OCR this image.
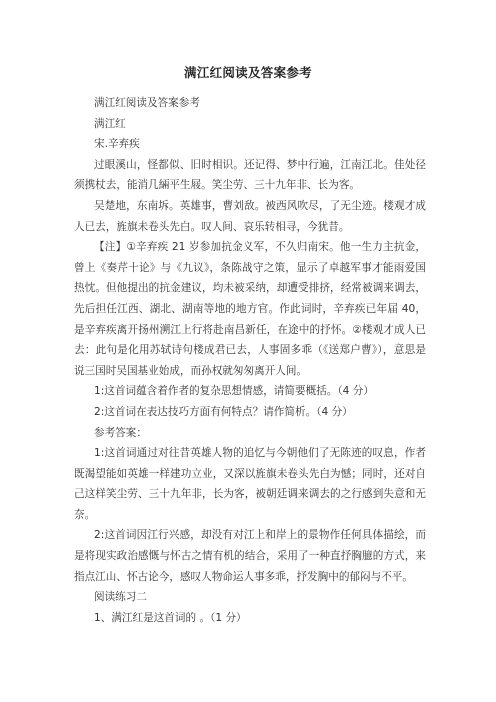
满江红阅读及答案参考

满江红阅读及答案参考

满江红

宋.辛弃疾

过眼溪山，怪都似、旧时相识。还记得、梦中行遍，江南江北。佳处径须携杖去，能消几緉平生屐。笑尘劳、三十九年非、长为客。

吴楚地，东南坼。英雄事，曹刘敌。被西风吹尽，了无尘迹。楼观才成人已去，旌旗未卷头先白。叹人间、哀乐转相寻，今犹昔。

【注】①辛弃疾 21 岁参加抗金义军，不久归南宋。他一生力主抗金，曾上《奏芹十论》与《九议》，条陈战守之策，显示了卓越军事才能雨爱国热忱。但他提出的抗金建议，均未被采纳，却遭受排挤，经常被调来调去，先后担任江西、湖北、湖南等地的地方官。作此词时，辛弃疾已年届 40，是辛弃疾离开扬州溯江上行将赴南昌新任，在途中的抒怀。②楼观才成人已去：此句是化用苏轼诗句楼成君已去，人事固多乖（《送郑户曹》），意思是说三国时吴国基业始成，而孙权就匆匆离开人间。

1:这首词蕴含着作者的复杂思想情感，请简要概括。（4 分）

2:这首词在表达技巧方面有何特点？请作简析。（4 分）

参考答案：

1:这首词通过对往昔英雄人物的追忆与今朝他们了无陈迹的叹息，作者既渴望能如英雄一样建功立业，又深以旌旗未卷头先白为憾；同时，还对自己这样笑尘劳、三十九年非，长为客，被朝廷调来调去的之行感到失意和无奈。

2:这首词因江行兴感，却没有对江上和岸上的景物作任何具体描绘，而是将现实政治感慨与怀古之情有机的结合，采用了一种直抒胸臆的方式，来指点江山、怀古论今，感叹人物命运人事多乖，抒发胸中的郁闷与不平。

阅读练习二

1、满江红是这首词的 。（1 分）
